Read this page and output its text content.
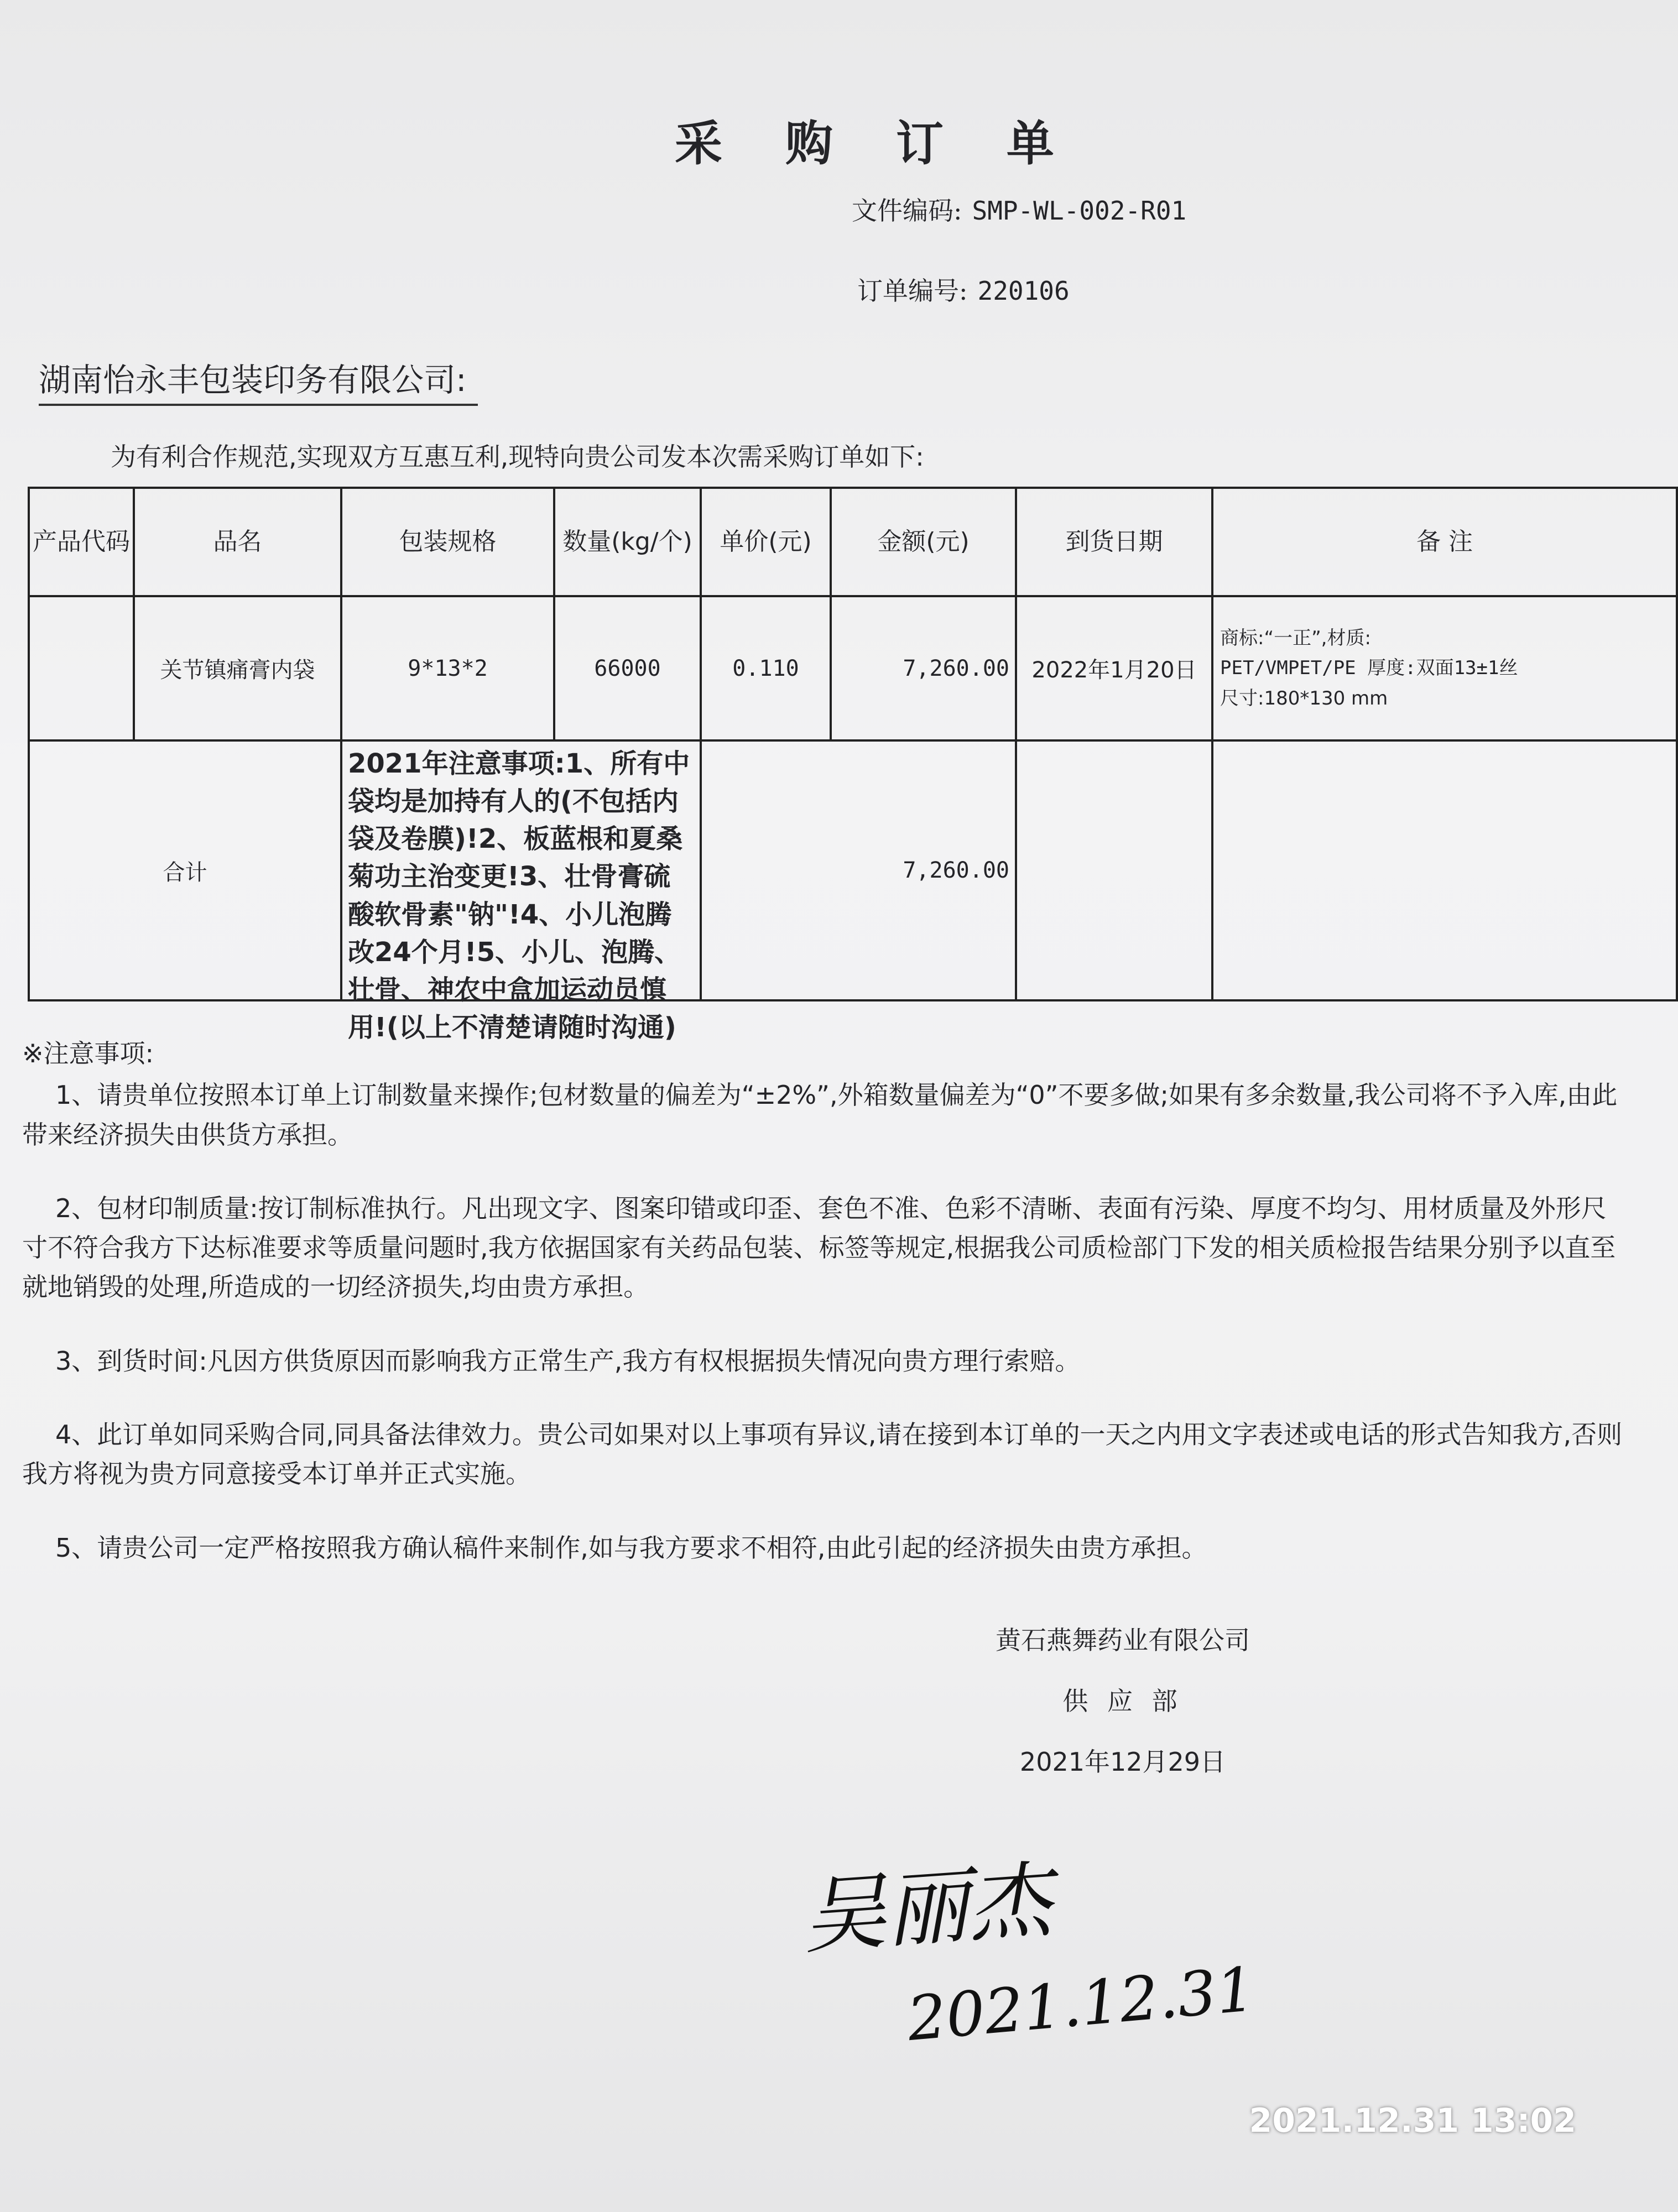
采 购 订 单
文件编码: SMP-WL-002-R01
订单编号: 220106
湖南怡永丰包装印务有限公司:
为有利合作规范,实现双方互惠互利,现特向贵公司发本次需采购订单如下:
产品代码	品名	包装规格	数量(kg/个)	单价(元)	金额(元)	到货日期	备 注
	关节镇痛膏内袋	9*13*2	66000	0.110	7,260.00	2022年1月20日	商标:“一正”,材质:
PET/VMPET/PE 厚度:双面13±1丝
尺寸:180*130 mm

合计		2021年注意事项:1、所有中袋均是加持有人的(不包括内袋及卷膜)!2、板蓝根和夏桑菊功主治变更!3、壮骨膏硫酸软骨素"钠"!4、小儿泡腾改24个月!5、小儿、泡腾、壮骨、神农中盒加运动员慎用!(以上不清楚请随时沟通)		7,260.00			
※注意事项:
1、请贵单位按照本订单上订制数量来操作;包材数量的偏差为“±2%”,外箱数量偏差为“0”不要多做;如果有多余数量,我公司将不予入库,由此带来经济损失由供货方承担。
2、包材印制质量:按订制标准执行。凡出现文字、图案印错或印歪、套色不准、色彩不清晰、表面有污染、厚度不均匀、用材质量及外形尺寸不符合我方下达标准要求等质量问题时,我方依据国家有关药品包装、标签等规定,根据我公司质检部门下发的相关质检报告结果分别予以直至就地销毁的处理,所造成的一切经济损失,均由贵方承担。
3、到货时间:凡因方供货原因而影响我方正常生产,我方有权根据损失情况向贵方理行索赔。
4、此订单如同采购合同,同具备法律效力。贵公司如果对以上事项有异议,请在接到本订单的一天之内用文字表述或电话的形式告知我方,否则我方将视为贵方同意接受本订单并正式实施。
5、请贵公司一定严格按照我方确认稿件来制作,如与我方要求不相符,由此引起的经济损失由贵方承担。
黄石燕舞药业有限公司
供 应 部
2021年12月29日
吴丽杰
2021.12.31
2021.12.31 13:02
